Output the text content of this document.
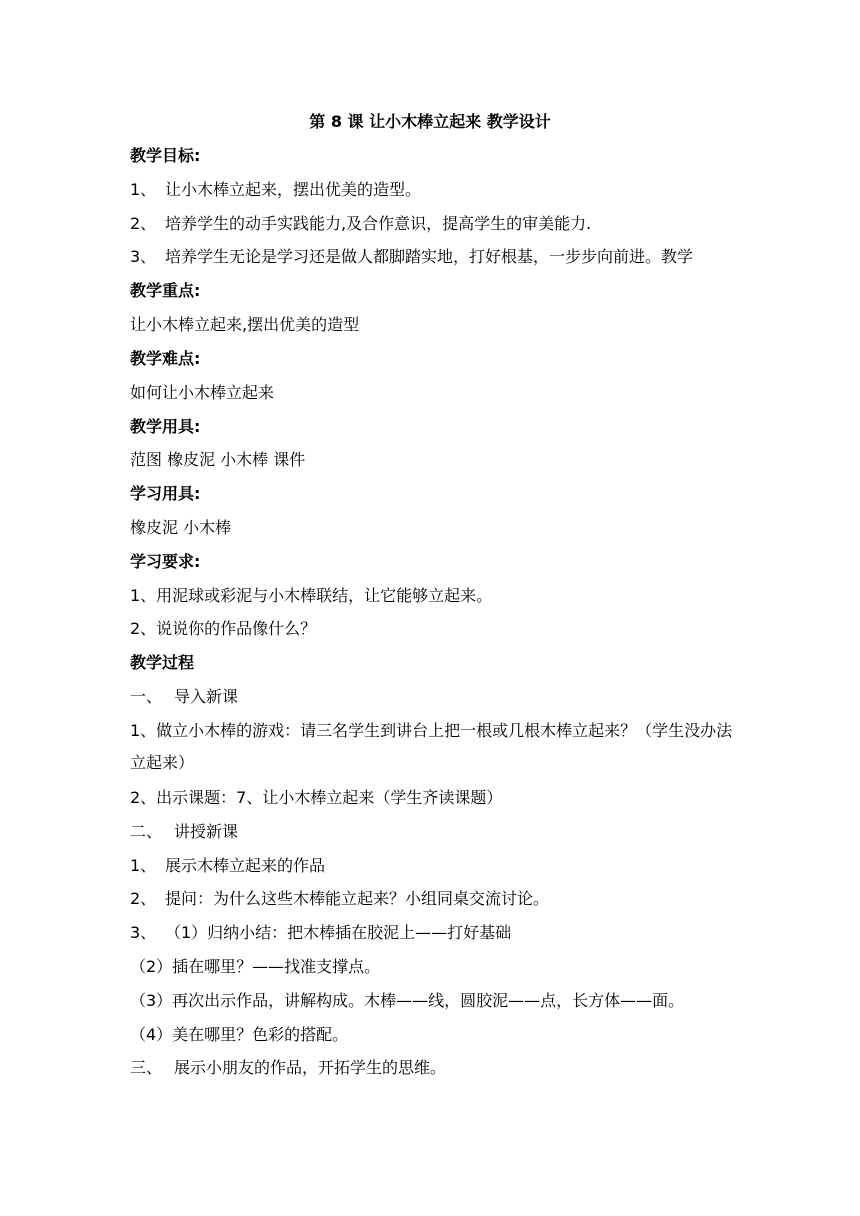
第 8 课 让小木棒立起来 教学设计
教学目标:
1、 让小木棒立起来，摆出优美的造型。
2、 培养学生的动手实践能力,及合作意识，提高学生的审美能力.
3、 培养学生无论是学习还是做人都脚踏实地，打好根基，一步步向前进。教学
教学重点:
让小木棒立起来,摆出优美的造型
教学难点:
如何让小木棒立起来
教学用具:
范图 橡皮泥 小木棒 课件
学习用具:
橡皮泥 小木棒
学习要求:
1、用泥球或彩泥与小木棒联结，让它能够立起来。
2、说说你的作品像什么？
教学过程
一、 导入新课
1、做立小木棒的游戏：请三名学生到讲台上把一根或几根木棒立起来？（学生没办法立起来）
2、出示课题：7、让小木棒立起来（学生齐读课题）
二、 讲授新课
1、 展示木棒立起来的作品
2、 提问：为什么这些木棒能立起来？小组同桌交流讨论。
3、 （1）归纳小结：把木棒插在胶泥上——打好基础
（2）插在哪里？——找准支撑点。
（3）再次出示作品，讲解构成。木棒——线，圆胶泥——点，长方体——面。
（4）美在哪里？色彩的搭配。
三、 展示小朋友的作品，开拓学生的思维。
